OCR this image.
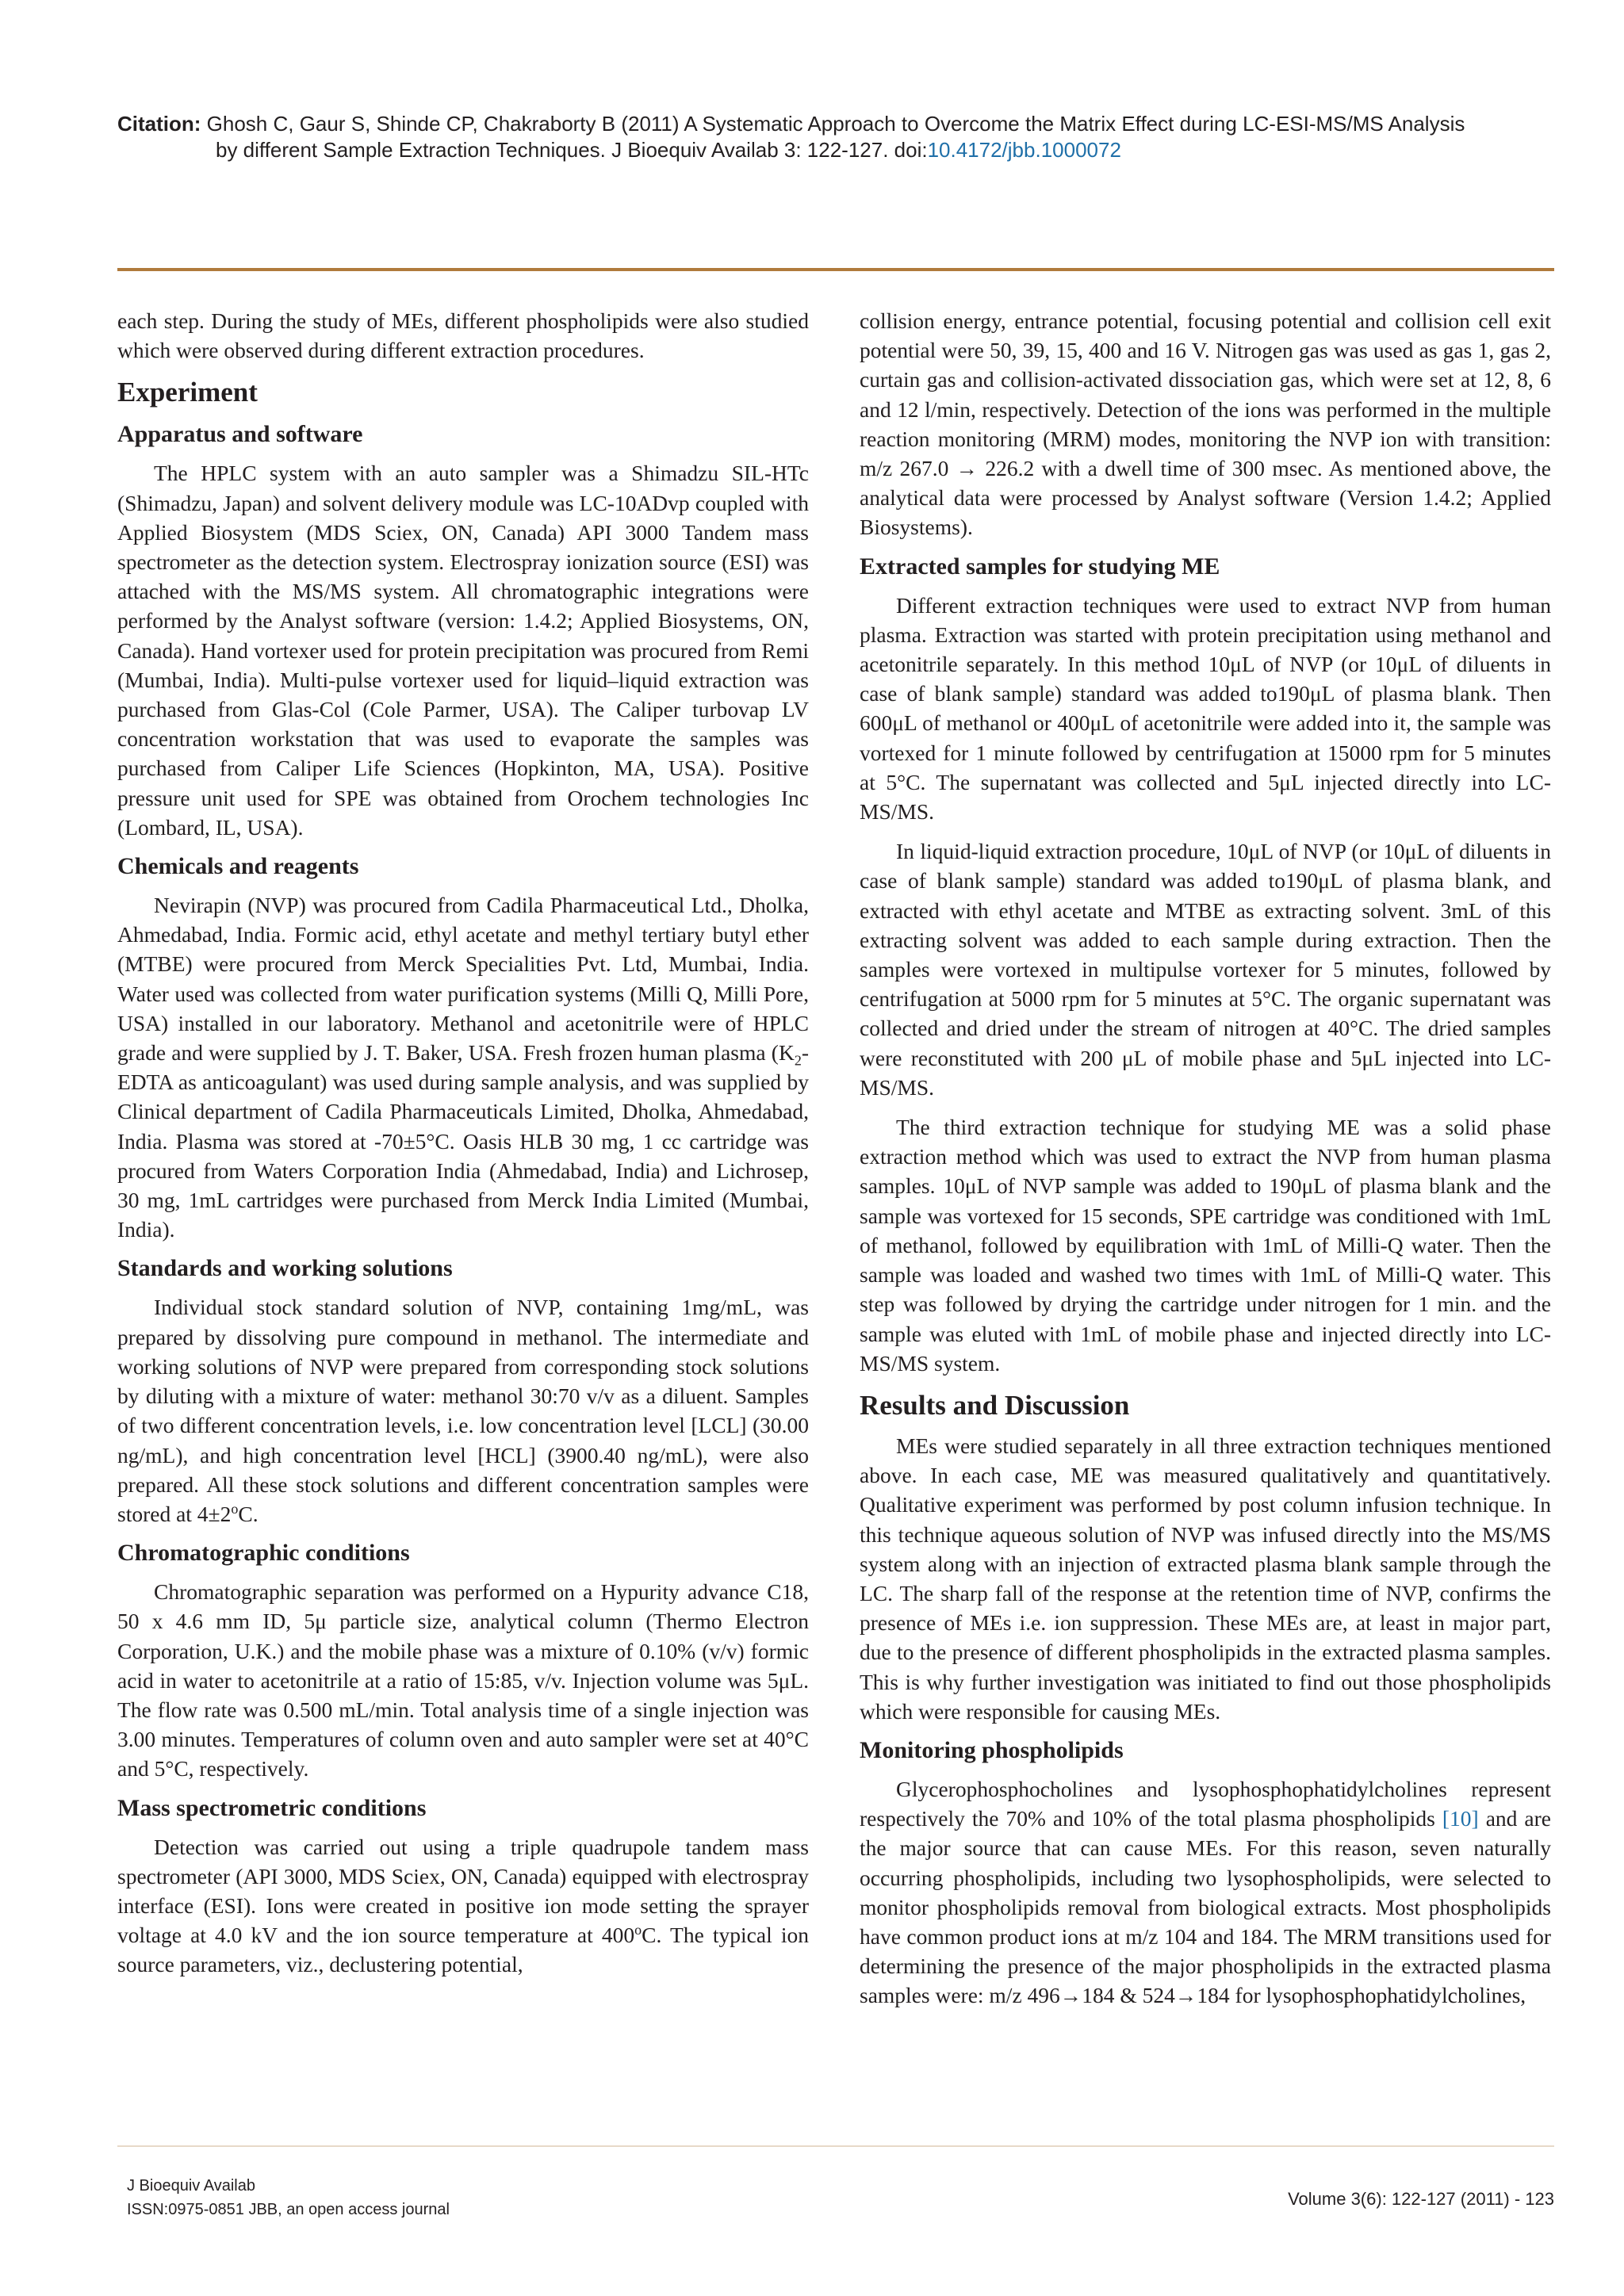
Citation: Ghosh C, Gaur S, Shinde CP, Chakraborty B (2011) A Systematic Approach to Overcome the Matrix Effect during LC-ESI-MS/MS Analysis
by different Sample Extraction Techniques. J Bioequiv Availab 3: 122-127. doi:10.4172/jbb.1000072

each step. During the study of MEs, different phospholipids were also studied which were observed during different extraction procedures.

Experiment
Apparatus and software

The HPLC system with an auto sampler was a Shimadzu SIL-HTc (Shimadzu, Japan) and solvent delivery module was LC-10ADvp coupled with Applied Biosystem (MDS Sciex, ON, Canada) API 3000 Tandem mass spectrometer as the detection system. Electrospray ionization source (ESI) was attached with the MS/MS system. All chromatographic integrations were performed by the Analyst software (version: 1.4.2; Applied Biosystems, ON, Canada). Hand vortexer used for protein precipitation was procured from Remi (Mumbai, India). Multi-pulse vortexer used for liquid–liquid extraction was purchased from Glas-Col (Cole Parmer, USA). The Caliper turbovap LV concentration workstation that was used to evaporate the samples was purchased from Caliper Life Sciences (Hopkinton, MA, USA). Positive pressure unit used for SPE was obtained from Orochem technologies Inc (Lombard, IL, USA).

Chemicals and reagents

Nevirapin (NVP) was procured from Cadila Pharmaceutical Ltd., Dholka, Ahmedabad, India. Formic acid, ethyl acetate and methyl tertiary butyl ether (MTBE) were procured from Merck Specialities Pvt. Ltd, Mumbai, India. Water used was collected from water purification systems (Milli Q, Milli Pore, USA) installed in our laboratory. Methanol and acetonitrile were of HPLC grade and were supplied by J. T. Baker, USA. Fresh frozen human plasma ($K_2$-EDTA as anticoagulant) was used during sample analysis, and was supplied by Clinical department of Cadila Pharmaceuticals Limited, Dholka, Ahmedabad, India. Plasma was stored at -70±5°C. Oasis HLB 30 mg, 1 cc cartridge was procured from Waters Corporation India (Ahmedabad, India) and Lichrosep, 30 mg, 1mL cartridges were purchased from Merck India Limited (Mumbai, India).

Standards and working solutions

Individual stock standard solution of NVP, containing 1mg/mL, was prepared by dissolving pure compound in methanol. The intermediate and working solutions of NVP were prepared from corresponding stock solutions by diluting with a mixture of water: methanol 30:70 v/v as a diluent. Samples of two different concentration levels, i.e. low concentration level [LCL] (30.00 ng/mL), and high concentration level [HCL] (3900.40 ng/mL), were also prepared. All these stock solutions and different concentration samples were stored at $4\pm 2^oC$.

Chromatographic conditions

Chromatographic separation was performed on a Hypurity advance C18, 50 x 4.6 mm ID, 5μ particle size, analytical column (Thermo Electron Corporation, U.K.) and the mobile phase was a mixture of 0.10% (v/v) formic acid in water to acetonitrile at a ratio of 15:85, v/v. Injection volume was 5μL. The flow rate was 0.500 mL/min. Total analysis time of a single injection was 3.00 minutes. Temperatures of column oven and auto sampler were set at 40°C and 5°C, respectively.

Mass spectrometric conditions

Detection was carried out using a triple quadrupole tandem mass spectrometer (API 3000, MDS Sciex, ON, Canada) equipped with electrospray interface (ESI). Ions were created in positive ion mode setting the sprayer voltage at 4.0 kV and the ion source temperature at 400$^o$C. The typical ion source parameters, viz., declustering potential,

collision energy, entrance potential, focusing potential and collision cell exit potential were 50, 39, 15, 400 and 16 V. Nitrogen gas was used as gas 1, gas 2, curtain gas and collision-activated dissociation gas, which were set at 12, 8, 6 and 12 l/min, respectively. Detection of the ions was performed in the multiple reaction monitoring (MRM) modes, monitoring the NVP ion with transition: m/z 267.0 → 226.2 with a dwell time of 300 msec. As mentioned above, the analytical data were processed by Analyst software (Version 1.4.2; Applied Biosystems).

Extracted samples for studying ME

Different extraction techniques were used to extract NVP from human plasma. Extraction was started with protein precipitation using methanol and acetonitrile separately. In this method 10μL of NVP (or 10μL of diluents in case of blank sample) standard was added to190μL of plasma blank. Then 600μL of methanol or 400μL of acetonitrile were added into it, the sample was vortexed for 1 minute followed by centrifugation at 15000 rpm for 5 minutes at 5°C. The supernatant was collected and 5μL injected directly into LC-MS/MS.

In liquid-liquid extraction procedure, 10μL of NVP (or 10μL of diluents in case of blank sample) standard was added to190μL of plasma blank, and extracted with ethyl acetate and MTBE as extracting solvent. 3mL of this extracting solvent was added to each sample during extraction. Then the samples were vortexed in multipulse vortexer for 5 minutes, followed by centrifugation at 5000 rpm for 5 minutes at 5°C. The organic supernatant was collected and dried under the stream of nitrogen at 40°C. The dried samples were reconstituted with 200 μL of mobile phase and 5μL injected into LC-MS/MS.

The third extraction technique for studying ME was a solid phase extraction method which was used to extract the NVP from human plasma samples. 10μL of NVP sample was added to 190μL of plasma blank and the sample was vortexed for 15 seconds, SPE cartridge was conditioned with 1mL of methanol, followed by equilibration with 1mL of Milli-Q water. Then the sample was loaded and washed two times with 1mL of Milli-Q water. This step was followed by drying the cartridge under nitrogen for 1 min. and the sample was eluted with 1mL of mobile phase and injected directly into LC-MS/MS system.

Results and Discussion

MEs were studied separately in all three extraction techniques mentioned above. In each case, ME was measured qualitatively and quantitatively. Qualitative experiment was performed by post column infusion technique. In this technique aqueous solution of NVP was infused directly into the MS/MS system along with an injection of extracted plasma blank sample through the LC. The sharp fall of the response at the retention time of NVP, confirms the presence of MEs i.e. ion suppression. These MEs are, at least in major part, due to the presence of different phospholipids in the extracted plasma samples. This is why further investigation was initiated to find out those phospholipids which were responsible for causing MEs.

Monitoring phospholipids

Glycerophosphocholines and lysophosphophatidylcholines represent respectively the 70% and 10% of the total plasma phospholipids [10] and are the major source that can cause MEs. For this reason, seven naturally occurring phospholipids, including two lysophospholipids, were selected to monitor phospholipids removal from biological extracts. Most phospholipids have common product ions at m/z 104 and 184. The MRM transitions used for determining the presence of the major phospholipids in the extracted plasma samples were: m/z 496→184 & 524→184 for lysophosphophatidylcholines,

J Bioequiv Availab
ISSN:0975-0851 JBB, an open access journal
Volume 3(6): 122-127 (2011) - 123
